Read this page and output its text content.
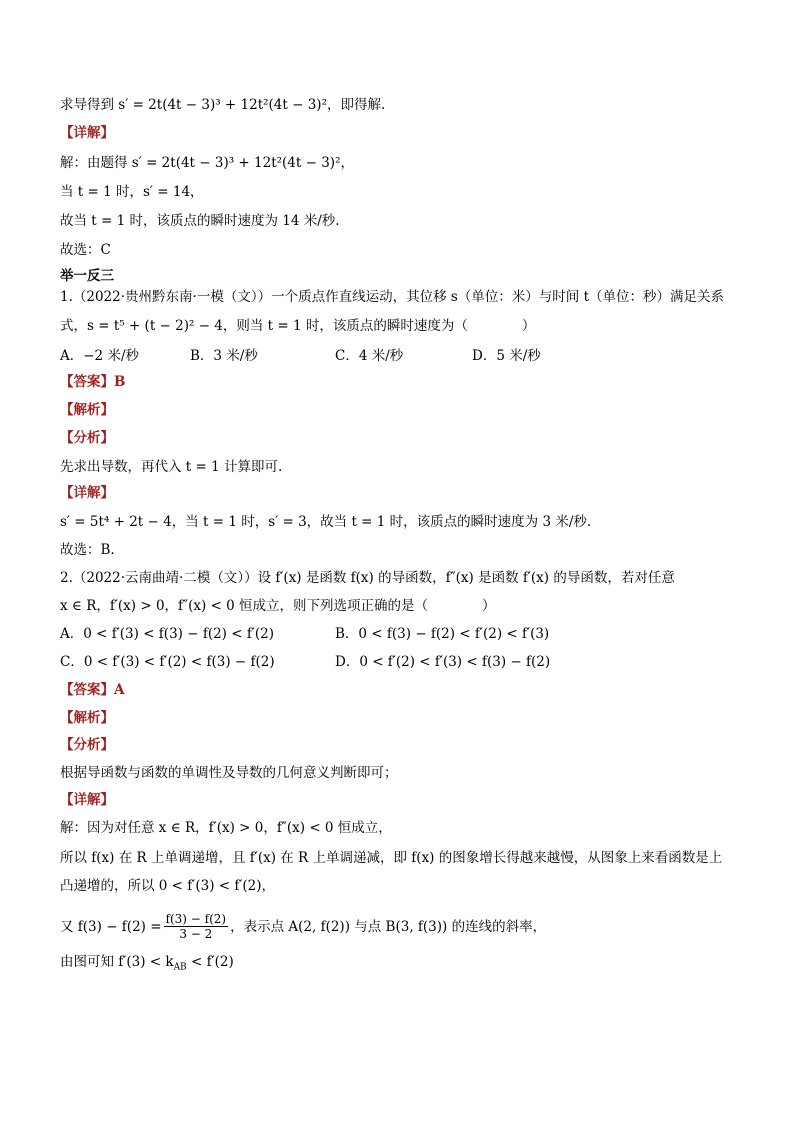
求导得到 s′ = 2t(4t − 3)³ + 12t²(4t − 3)²，即得解.
【详解】
解：由题得 s′ = 2t(4t − 3)³ + 12t²(4t − 3)²，
当 t = 1 时，s′ = 14，
故当 t = 1 时，该质点的瞬时速度为 14 米/秒.
故选：C
举一反三
1.（2022·贵州黔东南·一模（文））一个质点作直线运动，其位移 s（单位：米）与时间 t（单位：秒）满足关系
式，s = t⁵ + (t − 2)² − 4，则当 t = 1 时，该质点的瞬时速度为（　　　　）
A．−2 米/秒	B．3 米/秒	C．4 米/秒	D．5 米/秒
【答案】B
【解析】
【分析】
先求出导数，再代入 t = 1 计算即可.
【详解】
s′ = 5t⁴ + 2t − 4，当 t = 1 时，s′ = 3，故当 t = 1 时，该质点的瞬时速度为 3 米/秒.
故选：B.
2.（2022·云南曲靖·二模（文））设 f′(x) 是函数 f(x) 的导函数，f″(x) 是函数 f′(x) 的导函数，若对任意
x ∈ R，f′(x) > 0，f″(x) < 0 恒成立，则下列选项正确的是（　　　　）
A．0 < f′(3) < f(3) − f(2) < f′(2)	B．0 < f(3) − f(2) < f′(2) < f′(3)
C．0 < f′(3) < f′(2) < f(3) − f(2)	D．0 < f′(2) < f′(3) < f(3) − f(2)
【答案】A
【解析】
【分析】
根据导函数与函数的单调性及导数的几何意义判断即可；
【详解】
解：因为对任意 x ∈ R，f′(x) > 0，f″(x) < 0 恒成立，
所以 f(x) 在 R 上单调递增，且 f′(x) 在 R 上单调递减，即 f(x) 的图象增长得越来越慢，从图象上来看函数是上
凸递增的，所以 0 < f′(3) < f′(2)，
又 $f(3) - f(2) = \frac{f(3) - f(2)}{3 - 2}$ ，表示点 A(2, f(2)) 与点 B(3, f(3)) 的连线的斜率，
由图可知 $f'(3) < k_{AB} < f'(2)$
